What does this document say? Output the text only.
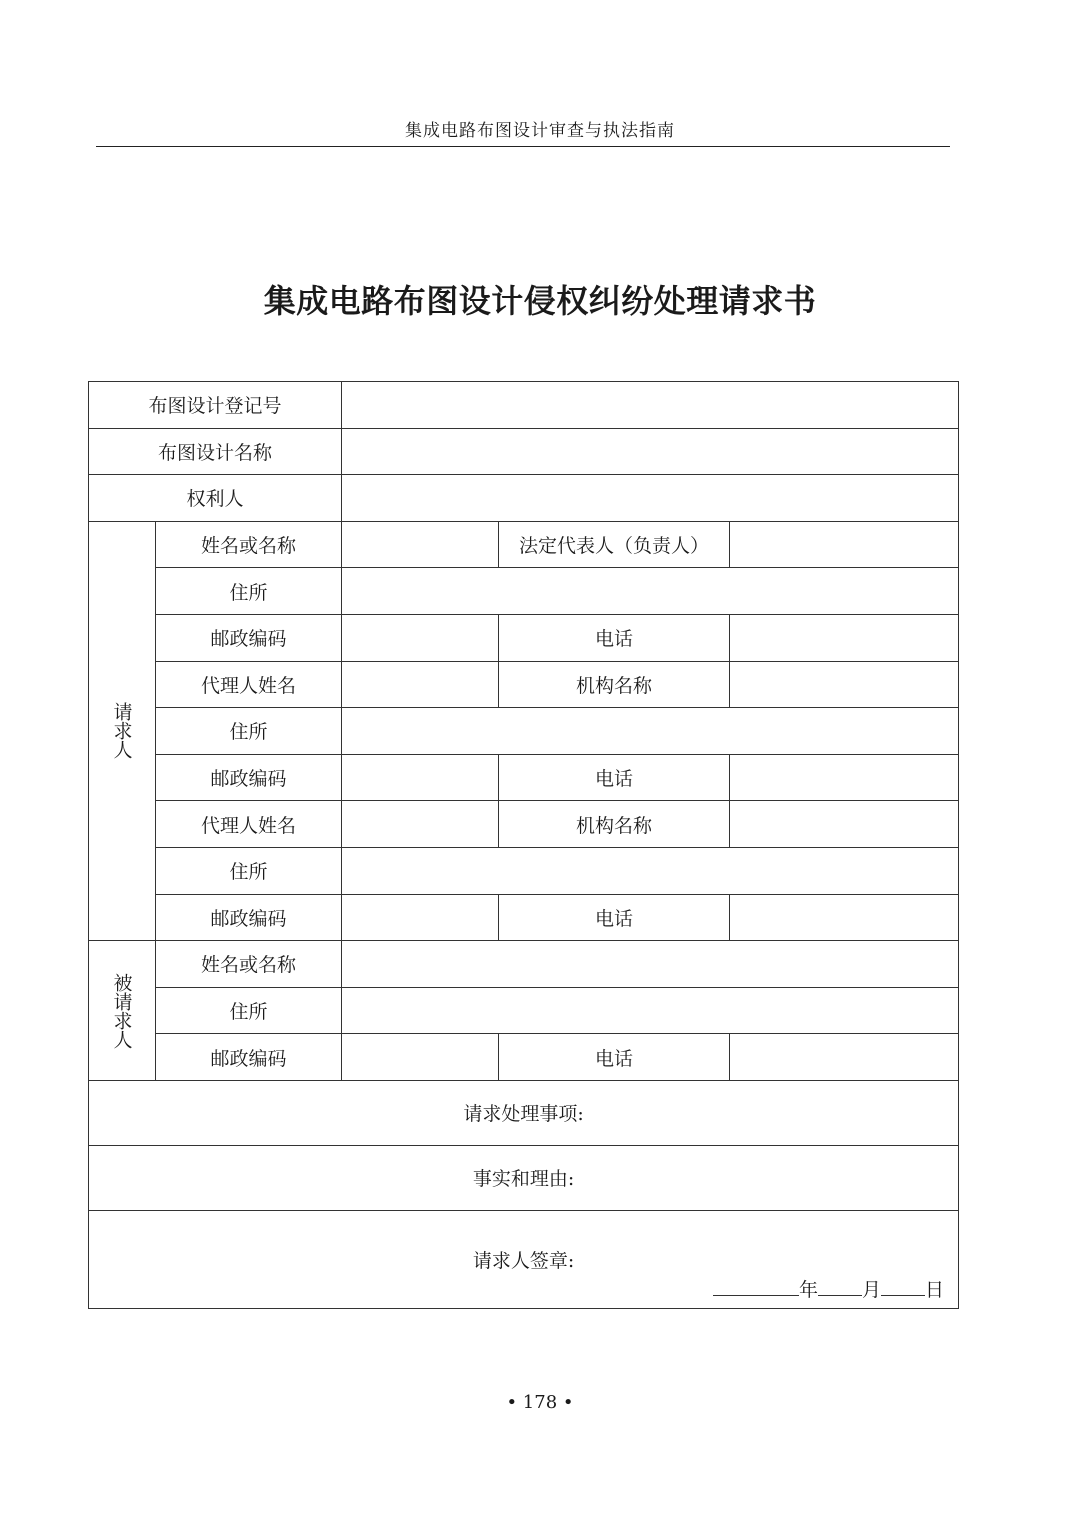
集成电路布图设计审查与执法指南
集成电路布图设计侵权纠纷处理请求书
布图设计登记号				
布图设计名称				
权利人				
请求人	姓名或名称		法定代表人（负责人）	
	住所			
	邮政编码		电话	
	代理人姓名		机构名称	
	住所			
	邮政编码		电话	
	代理人姓名		机构名称	
	住所			
	邮政编码		电话	
被请求人	姓名或名称			
	住所			
	邮政编码		电话	
请求处理事项:				
事实和理由:				
请求人签章:
年 月 日				
• 178 •
